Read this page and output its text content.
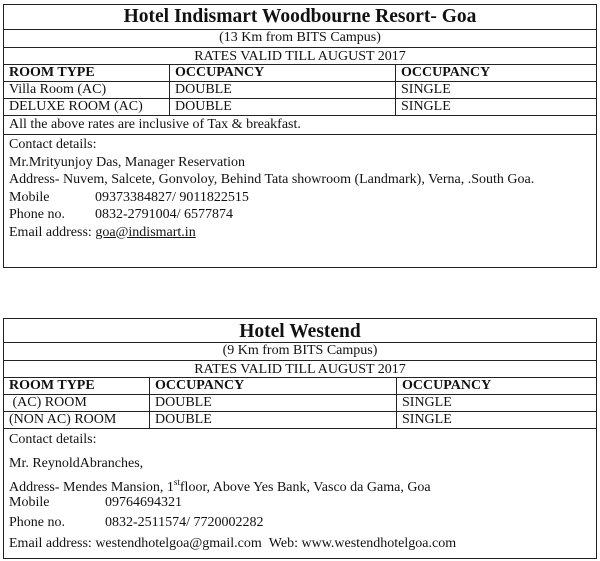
Hotel Indismart Woodbourne Resort- Goa
(13 Km from BITS Campus)
RATES VALID TILL AUGUST 2017
ROOM TYPE	OCCUPANCY	OCCUPANCY
Villa Room (AC)	DOUBLE	SINGLE
DELUXE ROOM (AC)	DOUBLE	SINGLE
All the above rates are inclusive of Tax & breakfast.
Contact details:
Mr.Mrityunjoy Das, Manager Reservation
Address- Nuvem, Salcete, Gonvoloy, Behind Tata showroom (Landmark), Verna, .South Goa.
Mobile	09373384827/ 9011822515
Phone no. 0832-2791004/ 6577874
Email address: goa@indismart.in
Hotel Westend
(9 Km from BITS Campus)
RATES VALID TILL AUGUST 2017
ROOM TYPE	OCCUPANCY	OCCUPANCY
(AC) ROOM	DOUBLE	SINGLE
(NON AC) ROOM	DOUBLE	SINGLE
Contact details:
Mr. ReynoldAbranches,
Address- Mendes Mansion, 1stfloor, Above Yes Bank, Vasco da Gama, Goa
Mobile	09764694321
Phone no.	0832-2511574/ 7720002282
Email address: westendhotelgoa@gmail.com Web: www.westendhotelgoa.com
